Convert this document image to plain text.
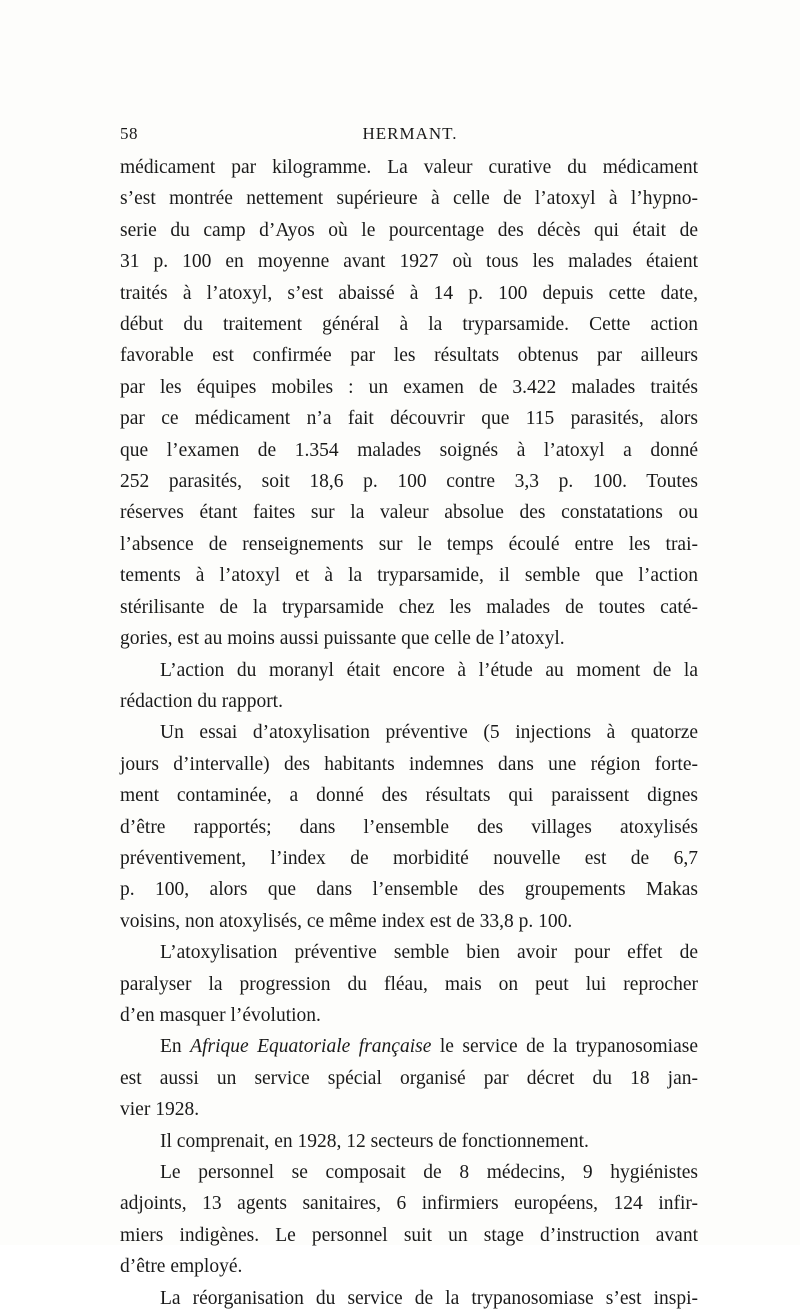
58	HERMANT.
médicament par kilogramme. La valeur curative du médicament
s’est montrée nettement supérieure à celle de l’atoxyl à l’hypno-
serie du camp d’Ayos où le pourcentage des décès qui était de
31 p. 100 en moyenne avant 1927 où tous les malades étaient
traités à l’atoxyl, s’est abaissé à 14 p. 100 depuis cette date,
début du traitement général à la tryparsamide. Cette action
favorable est confirmée par les résultats obtenus par ailleurs
par les équipes mobiles : un examen de 3.422 malades traités
par ce médicament n’a fait découvrir que 115 parasités, alors
que l’examen de 1.354 malades soignés à l’atoxyl a donné
252 parasités, soit 18,6 p. 100 contre 3,3 p. 100. Toutes
réserves étant faites sur la valeur absolue des constatations ou
l’absence de renseignements sur le temps écoulé entre les trai-
tements à l’atoxyl et à la tryparsamide, il semble que l’action
stérilisante de la tryparsamide chez les malades de toutes caté-
gories, est au moins aussi puissante que celle de l’atoxyl.
L’action du moranyl était encore à l’étude au moment de la
rédaction du rapport.
Un essai d’atoxylisation préventive (5 injections à quatorze
jours d’intervalle) des habitants indemnes dans une région forte-
ment contaminée, a donné des résultats qui paraissent dignes
d’être rapportés; dans l’ensemble des villages atoxylisés
préventivement, l’index de morbidité nouvelle est de 6,7
p. 100, alors que dans l’ensemble des groupements Makas
voisins, non atoxylisés, ce même index est de 33,8 p. 100.
L’atoxylisation préventive semble bien avoir pour effet de
paralyser la progression du fléau, mais on peut lui reprocher
d’en masquer l’évolution.
En Afrique Equatoriale française le service de la trypanosomiase
est aussi un service spécial organisé par décret du 18 jan-
vier 1928.
Il comprenait, en 1928, 12 secteurs de fonctionnement.
Le personnel se composait de 8 médecins, 9 hygiénistes
adjoints, 13 agents sanitaires, 6 infirmiers européens, 124 infir-
miers indigènes. Le personnel suit un stage d’instruction avant
d’être employé.
La réorganisation du service de la trypanosomiase s’est inspi-
